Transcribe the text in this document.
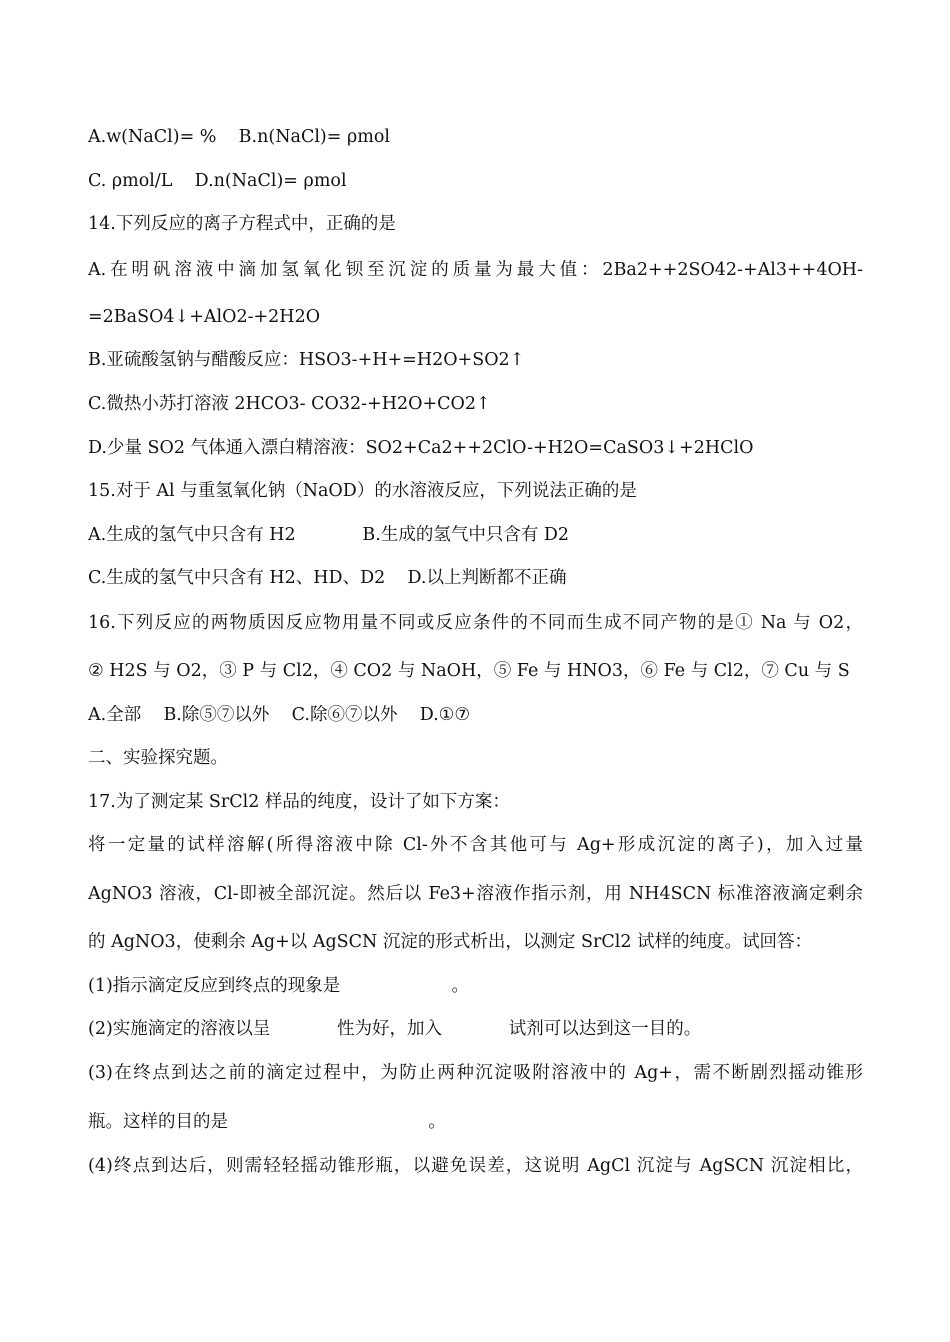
A.w(NaCl)= %    B.n(NaCl)= ρmol
C. ρmol/L    D.n(NaCl)= ρmol
14.下列反应的离子方程式中，正确的是
A.在明矾溶液中滴加氢氧化钡至沉淀的质量为最大值：2Ba2++2SO42-+Al3++4OH-
=2BaSO4↓+AlO2-+2H2O
B.亚硫酸氢钠与醋酸反应：HSO3-+H+=H2O+SO2↑
C.微热小苏打溶液 2HCO3- CO32-+H2O+CO2↑
D.少量 SO2 气体通入漂白精溶液：SO2+Ca2++2ClO-+H2O=CaSO3↓+2HClO
15.对于 Al 与重氢氧化钠（NaOD）的水溶液反应，下列说法正确的是
A.生成的氢气中只含有 H2            B.生成的氢气中只含有 D2
C.生成的氢气中只含有 H2、HD、D2    D.以上判断都不正确
16.下列反应的两物质因反应物用量不同或反应条件的不同而生成不同产物的是① Na 与 O2，
② H2S 与 O2，③ P 与 Cl2，④ CO2 与 NaOH，⑤ Fe 与 HNO3，⑥ Fe 与 Cl2，⑦ Cu 与 S
A.全部    B.除⑤⑦以外    C.除⑥⑦以外    D.①⑦
二、实验探究题。
17.为了测定某 SrCl2 样品的纯度，设计了如下方案：
将一定量的试样溶解(所得溶液中除 Cl-外不含其他可与 Ag+形成沉淀的离子)，加入过量
AgNO3 溶液，Cl-即被全部沉淀。然后以 Fe3+溶液作指示剂，用 NH4SCN 标准溶液滴定剩余
的 AgNO3，使剩余 Ag+以 AgSCN 沉淀的形式析出，以测定 SrCl2 试样的纯度。试回答：
(1)指示滴定反应到终点的现象是                    。
(2)实施滴定的溶液以呈            性为好，加入            试剂可以达到这一目的。
(3)在终点到达之前的滴定过程中，为防止两种沉淀吸附溶液中的 Ag+，需不断剧烈摇动锥形
瓶。这样的目的是                                    。
(4)终点到达后，则需轻轻摇动锥形瓶，以避免误差，这说明 AgCl 沉淀与 AgSCN 沉淀相比，
